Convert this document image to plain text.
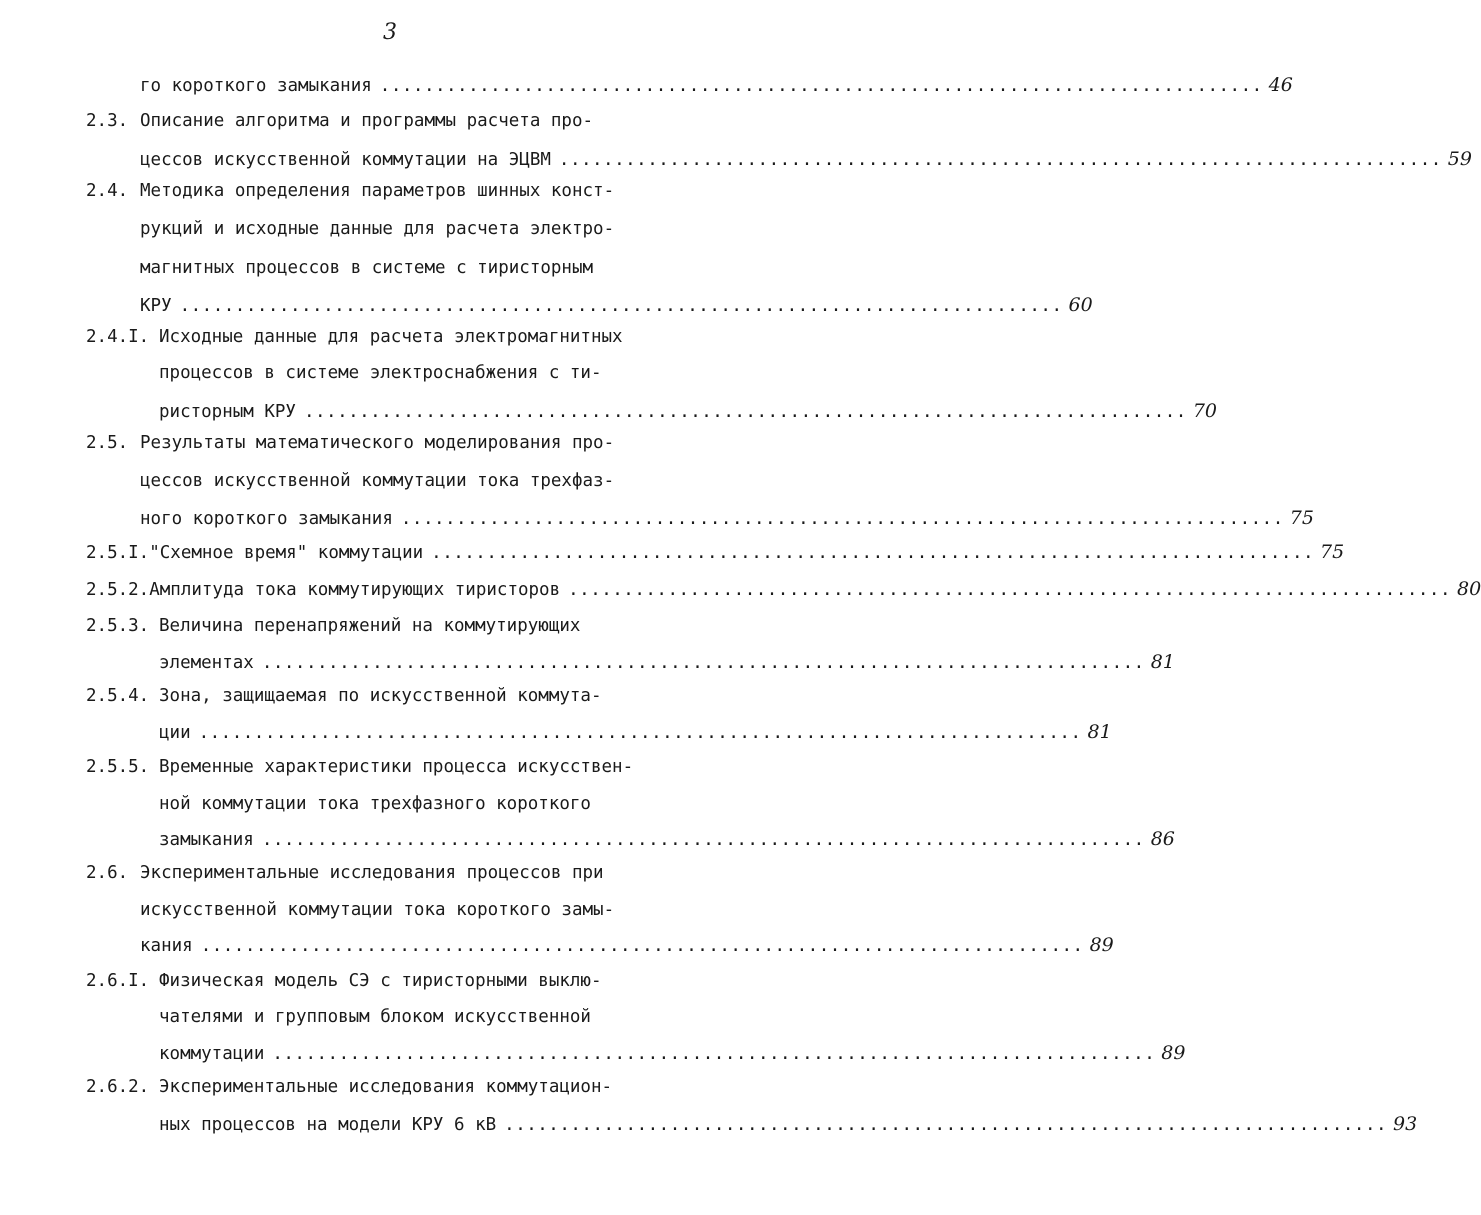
3
го короткого замыкания ................................................................................ 46
2.3. Описание алгоритма и программы расчета про-
цессов искусственной коммутации на ЭЦВМ ................................................................................ 59
2.4. Методика определения параметров шинных конст-
рукций и исходные данные для расчета электро-
магнитных процессов в системе с тиристорным
КРУ ................................................................................ 60
2.4.I. Исходные данные для расчета электромагнитных
процессов в системе электроснабжения с ти-
ристорным КРУ ................................................................................ 70
2.5. Результаты математического моделирования про-
цессов искусственной коммутации тока трехфаз-
ного короткого замыкания ................................................................................ 75
2.5.I. "Схемное время" коммутации ................................................................................ 75
2.5.2. Амплитуда тока коммутирующих тиристоров ................................................................................ 80
2.5.3. Величина перенапряжений на коммутирующих
элементах ................................................................................ 81
2.5.4. Зона, защищаемая по искусственной коммута-
ции ................................................................................ 81
2.5.5. Временные характеристики процесса искусствен-
ной коммутации тока трехфазного короткого
замыкания ................................................................................ 86
2.6. Экспериментальные исследования процессов при
искусственной коммутации тока короткого замы-
кания ................................................................................ 89
2.6.I. Физическая модель СЭ с тиристорными выклю-
чателями и групповым блоком искусственной
коммутации ................................................................................ 89
2.6.2. Экспериментальные исследования коммутацион-
ных процессов на модели КРУ 6 кВ ................................................................................ 93
